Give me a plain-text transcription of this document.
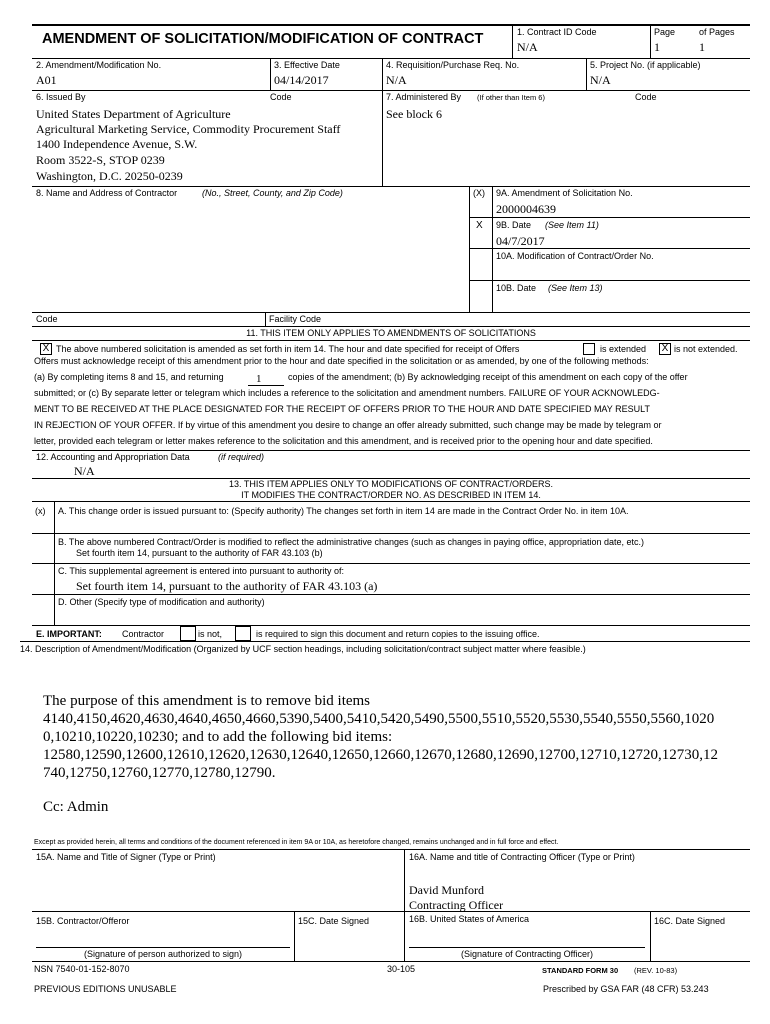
AMENDMENT OF SOLICITATION/MODIFICATION OF CONTRACT	1. Contract ID Code
N/A
Page
1
of Pages
1
2. Amendment/Modification No.
A01
3. Effective Date
04/14/2017
4. Requisition/Purchase Req. No.
N/A
5. Project No. (if applicable)
N/A
6. Issued By	Code
United States Department of Agriculture
Agricultural Marketing Service, Commodity Procurement Staff
1400 Independence Avenue, S.W.
Room 3522-S, STOP 0239
Washington, D.C. 20250-0239
7. Administered By (If other than Item 6)	Code
See block 6
8. Name and Address of Contractor	(No., Street, County, and Zip Code)	(X) 9A. Amendment of Solicitation No.
2000004639
X 9B. Date (See Item 11)
04/7/2017
10A. Modification of Contract/Order No.
10B. Date (See Item 13)
Code	Facility Code
11. THIS ITEM ONLY APPLIES TO AMENDMENTS OF SOLICITATIONS
X The above numbered solicitation is amended as set forth in item 14. The hour and date specified for receipt of Offers	is extended X is not extended.
Offers must acknowledge receipt of this amendment prior to the hour and date specified in the solicitation or as amended, by one of the following methods:
(a) By completing items 8 and 15, and returning	1	copies of the amendment; (b) By acknowledging receipt of this amendment on each copy of the offer
submitted; or (c) By separate letter or telegram which includes a reference to the solicitation and amendment numbers. FAILURE OF YOUR ACKNOWLEDG-
MENT TO BE RECEIVED AT THE PLACE DESIGNATED FOR THE RECEIPT OF OFFERS PRIOR TO THE HOUR AND DATE SPECIFIED MAY RESULT
IN REJECTION OF YOUR OFFER. If by virtue of this amendment you desire to change an offer already submitted, such change may be made by telegram or
letter, provided each telegram or letter makes reference to the solicitation and this amendment, and is received prior to the opening hour and date specified.
12. Accounting and Appropriation Data	(if required)
N/A
13. THIS ITEM APPLIES ONLY TO MODIFICATIONS OF CONTRACT/ORDERS.
IT MODIFIES THE CONTRACT/ORDER NO. AS DESCRIBED IN ITEM 14.
(x) A. This change order is issued pursuant to: (Specify authority) The changes set forth in item 14 are made in the Contract Order No. in item 10A.
B. The above numbered Contract/Order is modified to reflect the administrative changes (such as changes in paying office, appropriation date, etc.)
Set fourth item 14, pursuant to the authority of FAR 43.103 (b)
C. This supplemental agreement is entered into pursuant to authority of:
Set fourth item 14, pursuant to the authority of FAR 43.103 (a)
D. Other (Specify type of modification and authority)
E. IMPORTANT: Contractor	is not,	is required to sign this document and return copies to the issuing office.
14. Description of Amendment/Modification (Organized by UCF section headings, including solicitation/contract subject matter where feasible.)
The purpose of this amendment is to remove bid items
4140,4150,4620,4630,4640,4650,4660,5390,5400,5410,5420,5490,5500,5510,5520,5530,5540,5550,5560,1020
0,10210,10220,10230; and to add the following bid items:
12580,12590,12600,12610,12620,12630,12640,12650,12660,12670,12680,12690,12700,12710,12720,12730,12
740,12750,12760,12770,12780,12790.
Cc: Admin
Except as provided herein, all terms and conditions of the document referenced in item 9A or 10A, as heretofore changed, remains unchanged and in full force and effect.
15A. Name and Title of Signer (Type or Print)	16A. Name and title of Contracting Officer (Type or Print)
David Munford
Contracting Officer
15B. Contractor/Offeror	15C. Date Signed	16B. United States of America	16C. Date Signed
(Signature of person authorized to sign)	(Signature of Contracting Officer)
NSN 7540-01-152-8070	30-105	STANDARD FORM 30 (REV. 10-83)
PREVIOUS EDITIONS UNUSABLE	Prescribed by GSA FAR (48 CFR) 53.243
